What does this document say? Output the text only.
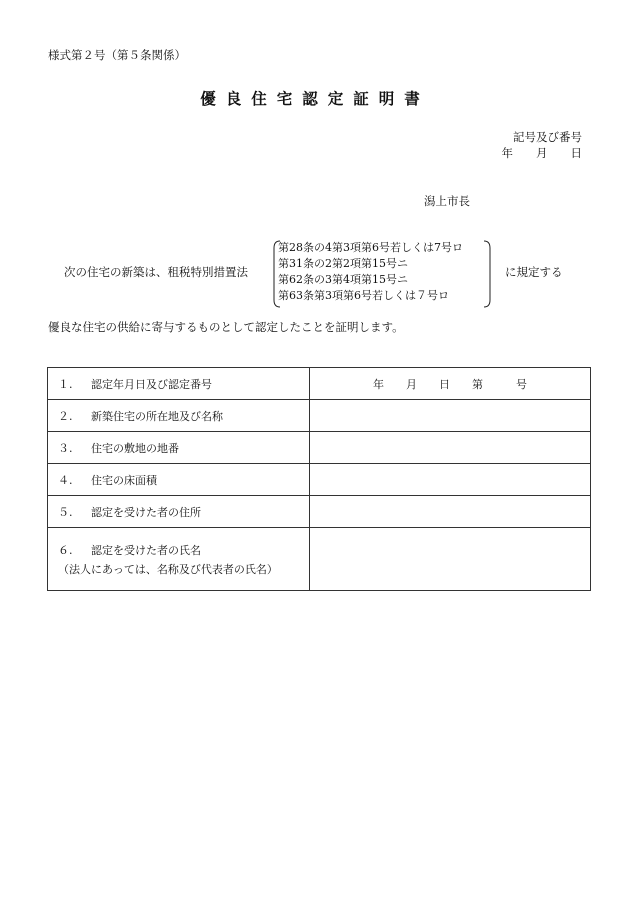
様式第２号（第５条関係）
優良住宅認定証明書
記号及び番号
年　　月　　日
潟上市長
次の住宅の新築は、租税特別措置法
第28条の4第3項第6号若しくは7号ロ
第31条の2第2項第15号ニ
第62条の3第4項第15号ニ
第63条第3項第6号若しくは７号ロ
に規定する
優良な住宅の供給に寄与するものとして認定したことを証明します。
１. 認定年月日及び認定番号	年　　月　　日　　第　　　号
２. 新築住宅の所在地及び名称	
３. 住宅の敷地の地番	
４. 住宅の床面積	
５. 認定を受けた者の住所	
６. 認定を受けた者の氏名
（法人にあっては、名称及び代表者の氏名）	
